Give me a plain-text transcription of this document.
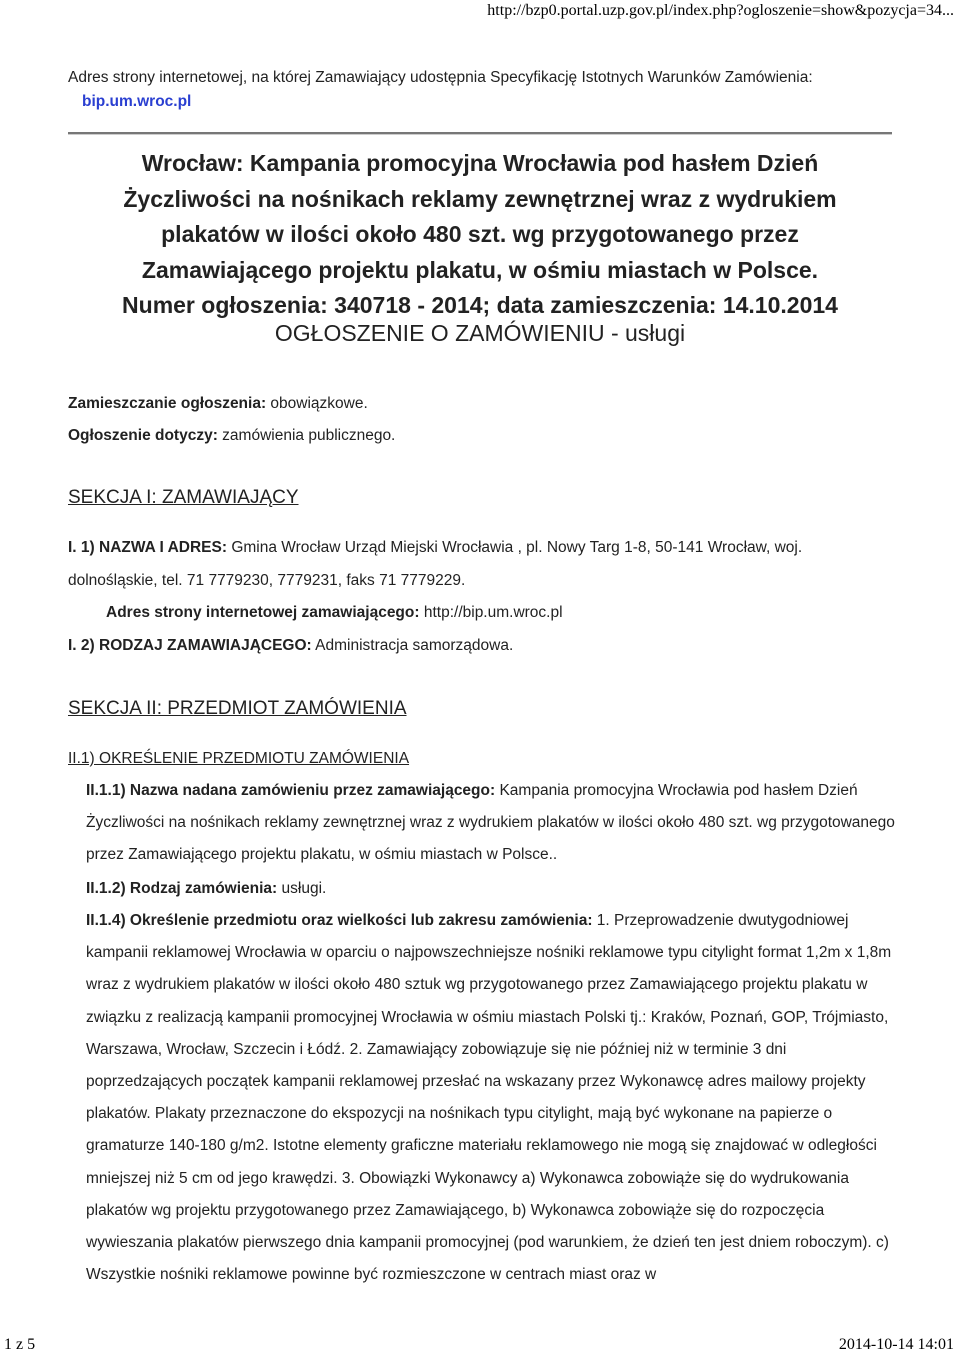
http://bzp0.portal.uzp.gov.pl/index.php?ogloszenie=show&pozycja=34...
Adres strony internetowej, na której Zamawiający udostępnia Specyfikację Istotnych Warunków Zamówienia:
bip.um.wroc.pl
Wrocław: Kampania promocyjna Wrocławia pod hasłem Dzień
Życzliwości na nośnikach reklamy zewnętrznej wraz z wydrukiem
plakatów w ilości około 480 szt. wg przygotowanego przez
Zamawiającego projektu plakatu, w ośmiu miastach w Polsce.
Numer ogłoszenia: 340718 - 2014; data zamieszczenia: 14.10.2014
OGŁOSZENIE O ZAMÓWIENIU - usługi
Zamieszczanie ogłoszenia: obowiązkowe.
Ogłoszenie dotyczy: zamówienia publicznego.
SEKCJA I: ZAMAWIAJĄCY
I. 1) NAZWA I ADRES: Gmina Wrocław Urząd Miejski Wrocławia , pl. Nowy Targ 1-8, 50-141 Wrocław, woj.
dolnośląskie, tel. 71 7779230, 7779231, faks 71 7779229.
Adres strony internetowej zamawiającego: http://bip.um.wroc.pl
I. 2) RODZAJ ZAMAWIAJĄCEGO: Administracja samorządowa.
SEKCJA II: PRZEDMIOT ZAMÓWIENIA
II.1) OKREŚLENIE PRZEDMIOTU ZAMÓWIENIA
II.1.1) Nazwa nadana zamówieniu przez zamawiającego: Kampania promocyjna Wrocławia pod hasłem Dzień Życzliwości na nośnikach reklamy zewnętrznej wraz z wydrukiem plakatów w ilości około 480 szt. wg przygotowanego przez Zamawiającego projektu plakatu, w ośmiu miastach w Polsce..
II.1.2) Rodzaj zamówienia: usługi.
II.1.4) Określenie przedmiotu oraz wielkości lub zakresu zamówienia: 1. Przeprowadzenie dwutygodniowej kampanii reklamowej Wrocławia w oparciu o najpowszechniejsze nośniki reklamowe typu citylight format 1,2m x 1,8m wraz z wydrukiem plakatów w ilości około 480 sztuk wg przygotowanego przez Zamawiającego projektu plakatu w związku z realizacją kampanii promocyjnej Wrocławia w ośmiu miastach Polski tj.: Kraków, Poznań, GOP, Trójmiasto, Warszawa, Wrocław, Szczecin i Łódź. 2. Zamawiający zobowiązuje się nie później niż w terminie 3 dni poprzedzających początek kampanii reklamowej przesłać na wskazany przez Wykonawcę adres mailowy projekty plakatów. Plakaty przeznaczone do ekspozycji na nośnikach typu citylight, mają być wykonane na papierze o gramaturze 140-180 g/m2. Istotne elementy graficzne materiału reklamowego nie mogą się znajdować w odległości mniejszej niż 5 cm od jego krawędzi. 3. Obowiązki Wykonawcy a) Wykonawca zobowiąże się do wydrukowania plakatów wg projektu przygotowanego przez Zamawiającego, b) Wykonawca zobowiąże się do rozpoczęcia wywieszania plakatów pierwszego dnia kampanii promocyjnej (pod warunkiem, że dzień ten jest dniem roboczym). c) Wszystkie nośniki reklamowe powinne być rozmieszczone w centrach miast oraz w
1 z 5	2014-10-14 14:01
